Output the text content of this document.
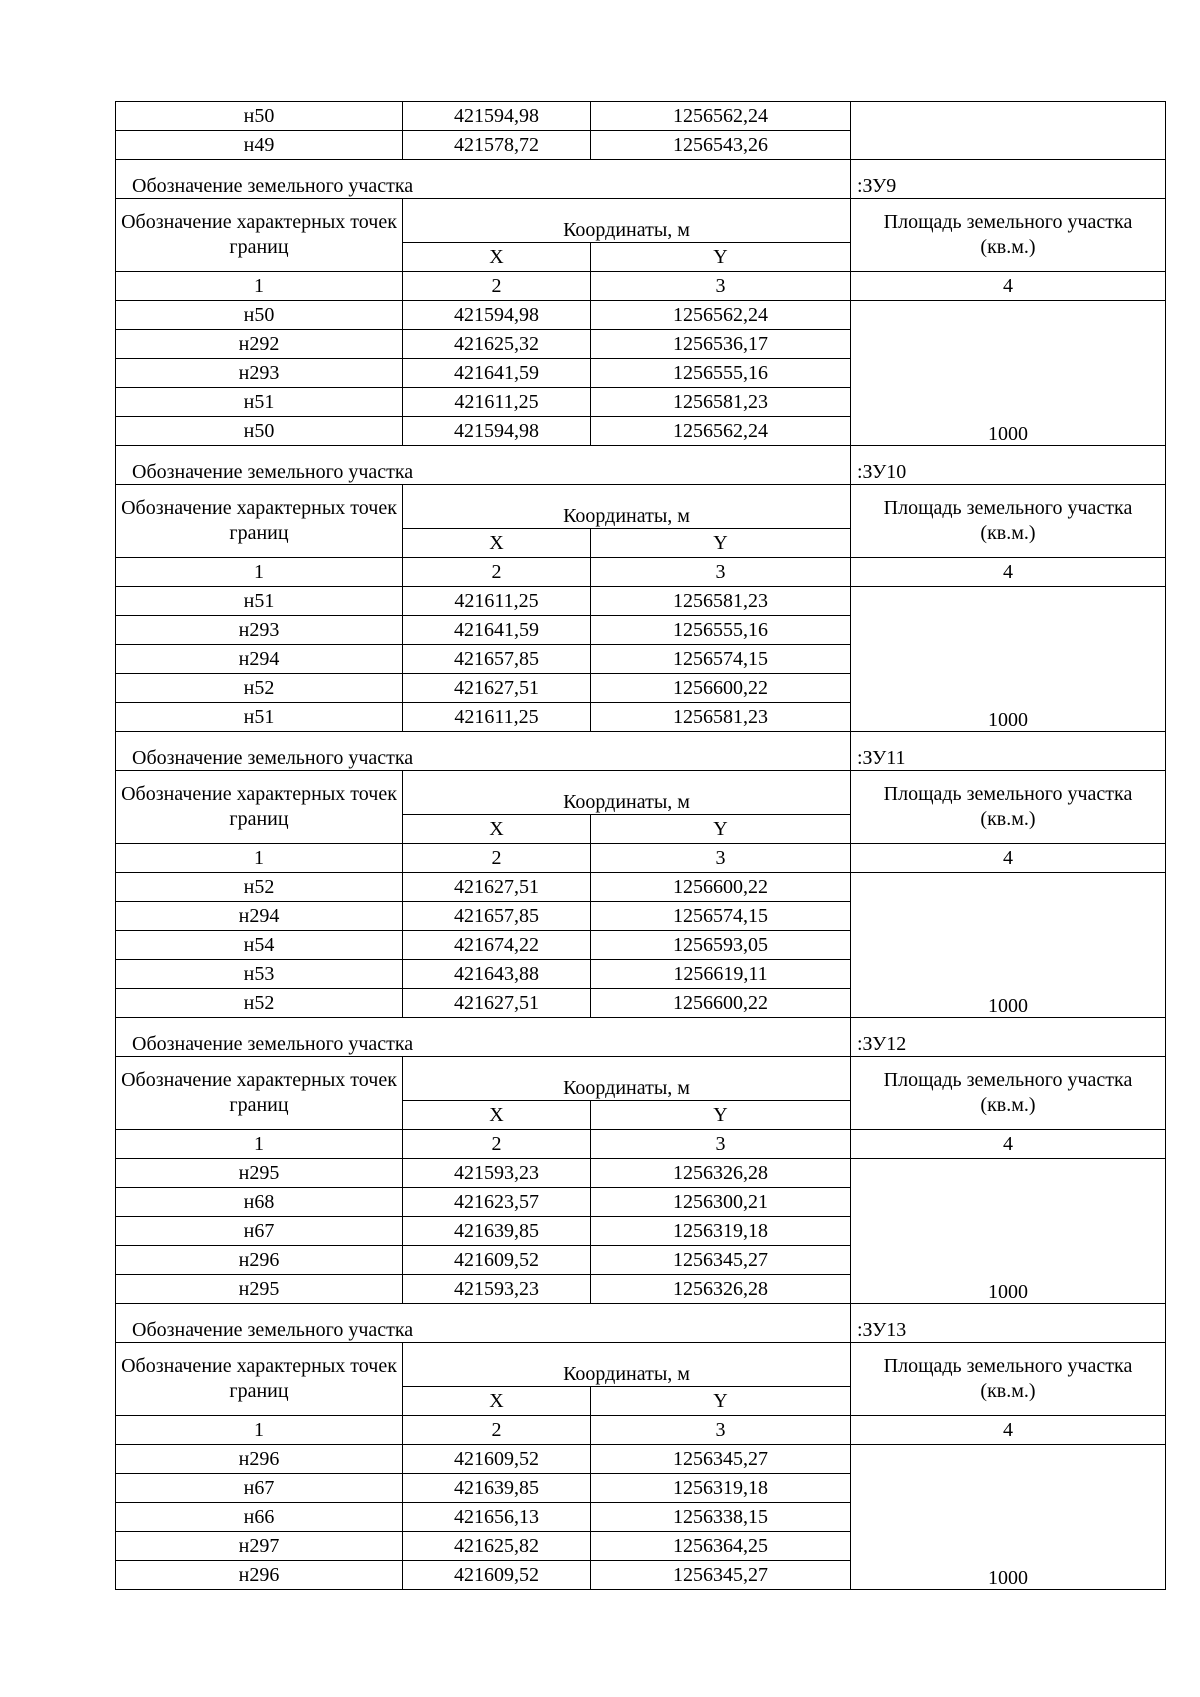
н50	421594,98	1256562,24	
н49	421578,72	1256543,26	
Обозначение земельного участка			:ЗУ9
Обозначение характерных точек границ	Координаты, м		Площадь земельного участка (кв.м.)
	X	Y	
1	2	3	4
н50	421594,98	1256562,24	1000
н292	421625,32	1256536,17	
н293	421641,59	1256555,16	
н51	421611,25	1256581,23	
н50	421594,98	1256562,24	
Обозначение земельного участка			:ЗУ10
Обозначение характерных точек границ	Координаты, м		Площадь земельного участка (кв.м.)
	X	Y	
1	2	3	4
н51	421611,25	1256581,23	1000
н293	421641,59	1256555,16	
н294	421657,85	1256574,15	
н52	421627,51	1256600,22	
н51	421611,25	1256581,23	
Обозначение земельного участка			:ЗУ11
Обозначение характерных точек границ	Координаты, м		Площадь земельного участка (кв.м.)
	X	Y	
1	2	3	4
н52	421627,51	1256600,22	1000
н294	421657,85	1256574,15	
н54	421674,22	1256593,05	
н53	421643,88	1256619,11	
н52	421627,51	1256600,22	
Обозначение земельного участка			:ЗУ12
Обозначение характерных точек границ	Координаты, м		Площадь земельного участка (кв.м.)
	X	Y	
1	2	3	4
н295	421593,23	1256326,28	1000
н68	421623,57	1256300,21	
н67	421639,85	1256319,18	
н296	421609,52	1256345,27	
н295	421593,23	1256326,28	
Обозначение земельного участка			:ЗУ13
Обозначение характерных точек границ	Координаты, м		Площадь земельного участка (кв.м.)
	X	Y	
1	2	3	4
н296	421609,52	1256345,27	1000
н67	421639,85	1256319,18	
н66	421656,13	1256338,15	
н297	421625,82	1256364,25	
н296	421609,52	1256345,27	
